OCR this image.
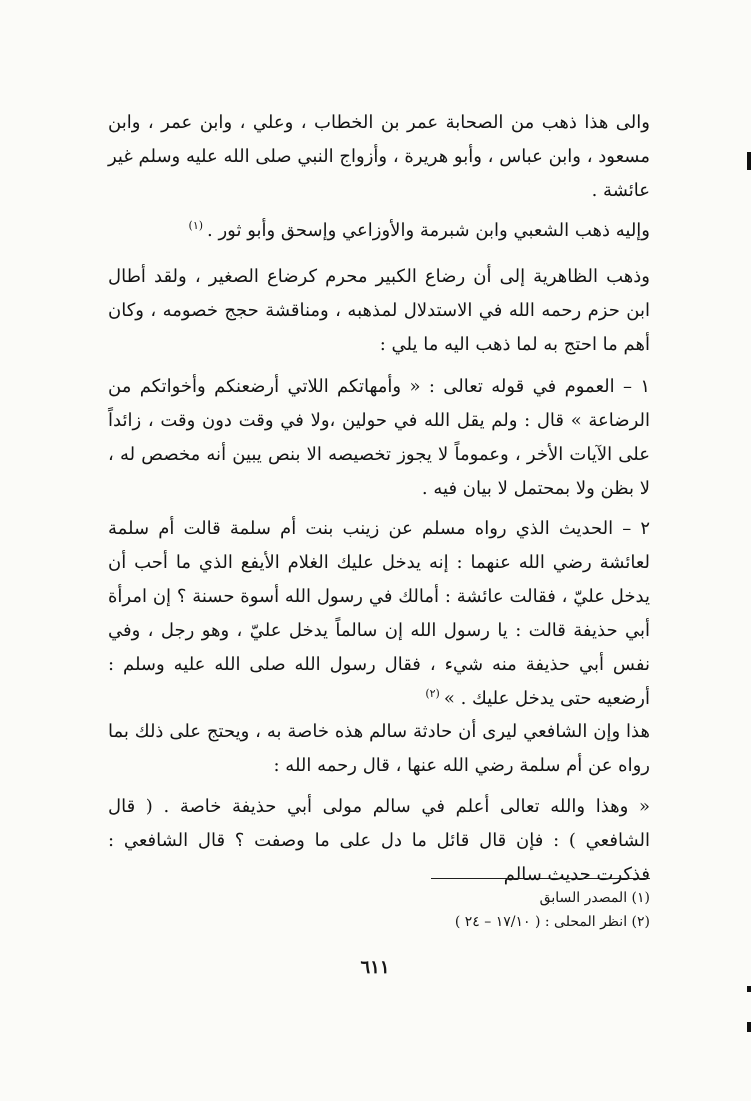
والى هذا ذهب من الصحابة عمر بن الخطاب ، وعلي ، وابن عمر ، وابن مسعود ، وابن عباس ، وأبو هريرة ، وأزواج النبي صلى الله عليه وسلم غير عائشة .
وإليه ذهب الشعبي وابن شبرمة والأوزاعي وإسحق وأبو ثور .$^{(١)}$
وذهب الظاهرية إلى أن رضاع الكبير محرم كرضاع الصغير ، ولقد أطال ابن حزم رحمه الله في الاستدلال لمذهبه ، ومناقشة حجج خصومه ، وكان أهم ما احتج به لما ذهب اليه ما يلي :
١ – العموم في قوله تعالى : « وأمهاتكم اللاتي أرضعنكم وأخواتكم من الرضاعة » قال : ولم يقل الله في حولين ،ولا في وقت دون وقت ، زائداً على الآيات الأخر ، وعموماً لا يجوز تخصيصه الا بنص يبين أنه مخصص له ، لا بظن ولا بمحتمل لا بيان فيه .
٢ – الحديث الذي رواه مسلم عن زينب بنت أم سلمة قالت أم سلمة لعائشة رضي الله عنهما : إنه يدخل عليك الغلام الأيفع الذي ما أحب أن يدخل عليّ ، فقالت عائشة : أمالك في رسول الله أسوة حسنة ؟ إن امرأة أبي حذيفة قالت : يا رسول الله إن سالماً يدخل عليّ ، وهو رجل ، وفي نفس أبي حذيفة منه شيء ، فقال رسول الله صلى الله عليه وسلم : أرضعيه حتى يدخل عليك . »$^{(٢)}$
هذا وإن الشافعي ليرى أن حادثة سالم هذه خاصة به ، ويحتج على ذلك بما رواه عن أم سلمة رضي الله عنها ، قال رحمه الله :
« وهذا والله تعالى أعلم في سالم مولى أبي حذيفة خاصة . ( قال الشافعي ) : فإن قال قائل ما دل على ما وصفت ؟ قال الشافعي : فذكرت حديث سالم
(١) المصدر السابق
(٢) انظر المحلى : ( ١٧/١٠ – ٢٤ )
٦١١
